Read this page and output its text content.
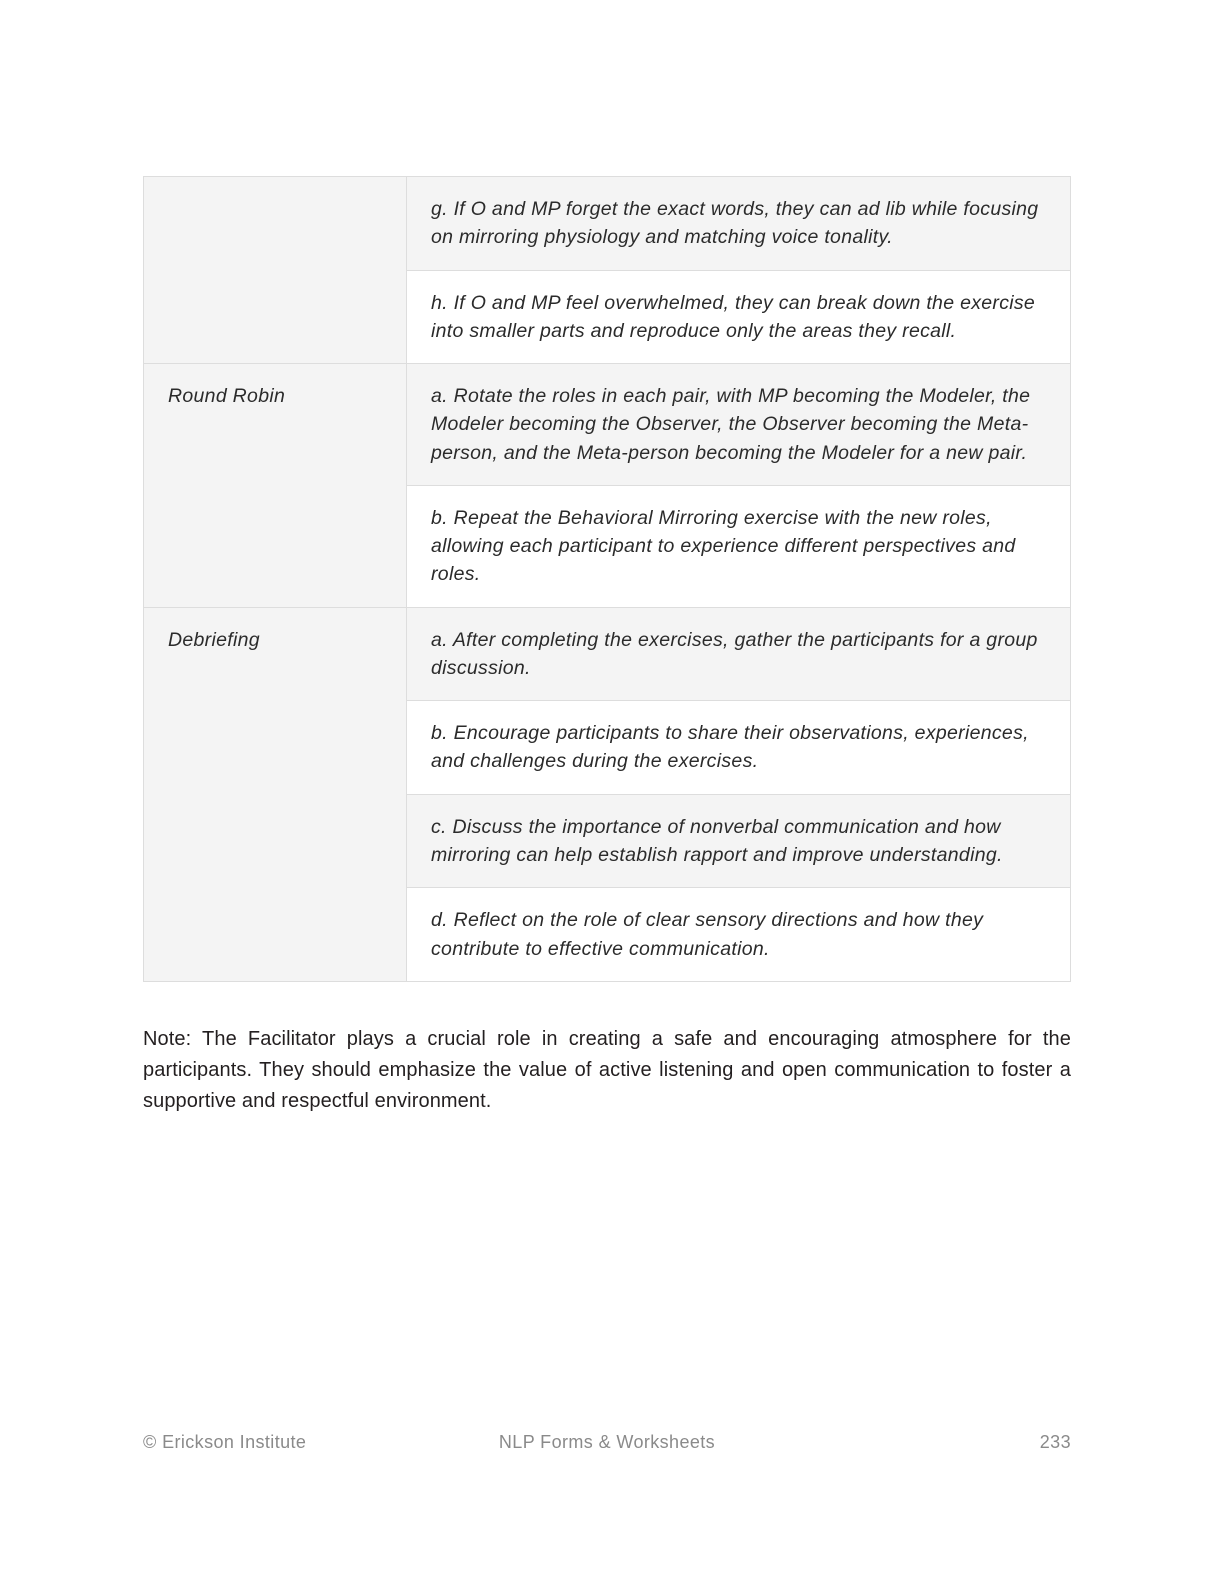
	g. If O and MP forget the exact words, they can ad lib while focusing on mirroring physiology and matching voice tonality.
	h. If O and MP feel overwhelmed, they can break down the exercise into smaller parts and reproduce only the areas they recall.
Round Robin	a. Rotate the roles in each pair, with MP becoming the Modeler, the Modeler becoming the Observer, the Observer becoming the Meta-person, and the Meta-person becoming the Modeler for a new pair.
	b. Repeat the Behavioral Mirroring exercise with the new roles, allowing each participant to experience different perspectives and roles.
Debriefing	a. After completing the exercises, gather the participants for a group discussion.
	b. Encourage participants to share their observations, experiences, and challenges during the exercises.
	c. Discuss the importance of nonverbal communication and how mirroring can help establish rapport and improve understanding.
	d. Reflect on the role of clear sensory directions and how they contribute to effective communication.

Note: The Facilitator plays a crucial role in creating a safe and encouraging atmosphere for the participants. They should emphasize the value of active listening and open communication to foster a supportive and respectful environment.

© Erickson Institute	NLP Forms & Worksheets	233
